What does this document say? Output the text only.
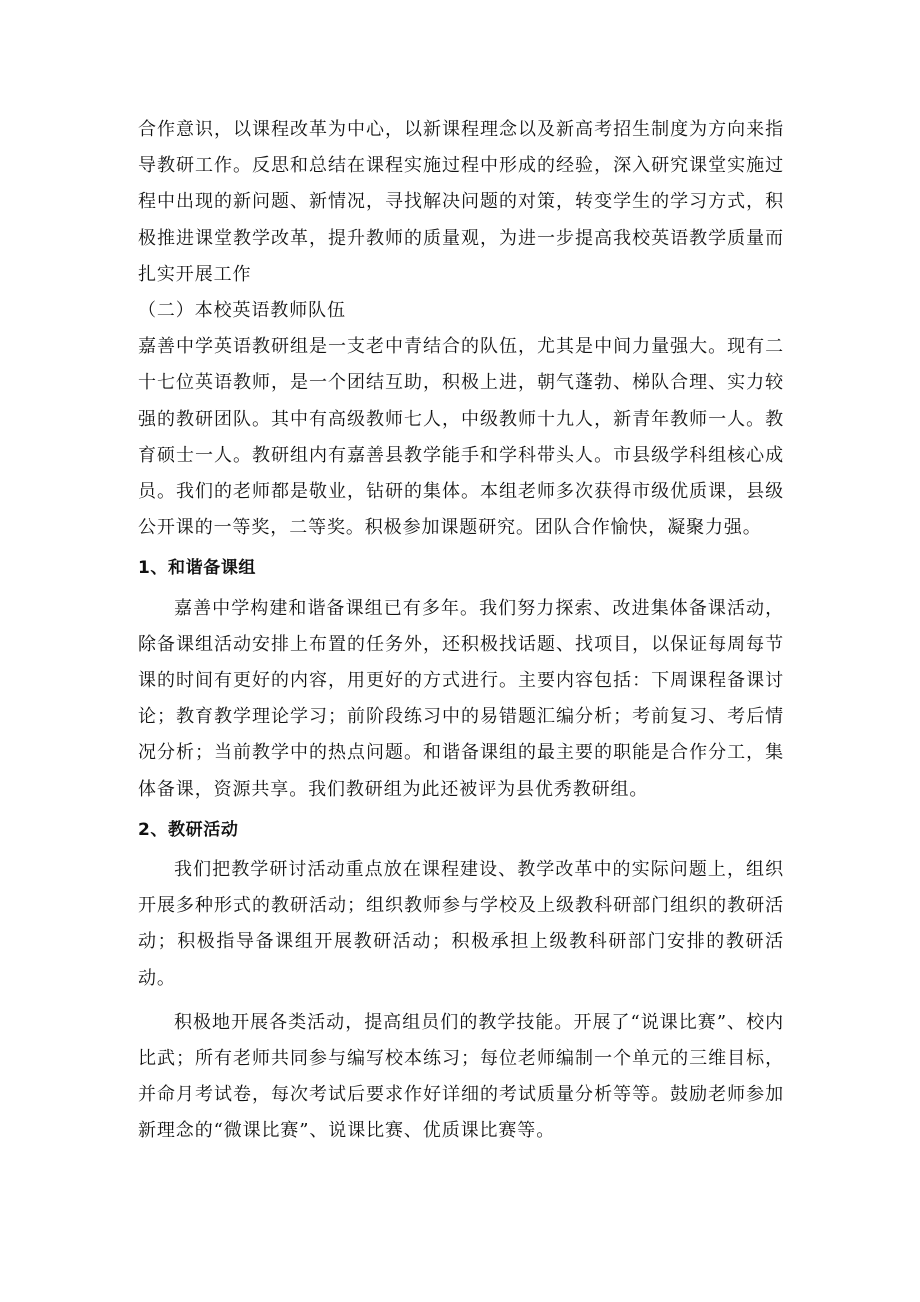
合作意识，以课程改革为中心，以新课程理念以及新高考招生制度为方向来指导教研工作。反思和总结在课程实施过程中形成的经验，深入研究课堂实施过程中出现的新问题、新情况，寻找解决问题的对策，转变学生的学习方式，积极推进课堂教学改革，提升教师的质量观，为进一步提高我校英语教学质量而扎实开展工作

（二）本校英语教师队伍

嘉善中学英语教研组是一支老中青结合的队伍，尤其是中间力量强大。现有二十七位英语教师，是一个团结互助，积极上进，朝气蓬勃、梯队合理、实力较强的教研团队。其中有高级教师七人，中级教师十九人，新青年教师一人。教育硕士一人。教研组内有嘉善县教学能手和学科带头人。市县级学科组核心成员。我们的老师都是敬业，钻研的集体。本组老师多次获得市级优质课，县级公开课的一等奖，二等奖。积极参加课题研究。团队合作愉快，凝聚力强。

1、和谐备课组

嘉善中学构建和谐备课组已有多年。我们努力探索、改进集体备课活动，除备课组活动安排上布置的任务外，还积极找话题、找项目，以保证每周每节课的时间有更好的内容，用更好的方式进行。主要内容包括：下周课程备课讨论；教育教学理论学习；前阶段练习中的易错题汇编分析；考前复习、考后情况分析；当前教学中的热点问题。和谐备课组的最主要的职能是合作分工，集体备课，资源共享。我们教研组为此还被评为县优秀教研组。

2、教研活动

我们把教学研讨活动重点放在课程建设、教学改革中的实际问题上，组织开展多种形式的教研活动；组织教师参与学校及上级教科研部门组织的教研活动；积极指导备课组开展教研活动；积极承担上级教科研部门安排的教研活动。

积极地开展各类活动，提高组员们的教学技能。开展了“说课比赛”、校内比武；所有老师共同参与编写校本练习；每位老师编制一个单元的三维目标，并命月考试卷，每次考试后要求作好详细的考试质量分析等等。鼓励老师参加新理念的“微课比赛”、说课比赛、优质课比赛等。
